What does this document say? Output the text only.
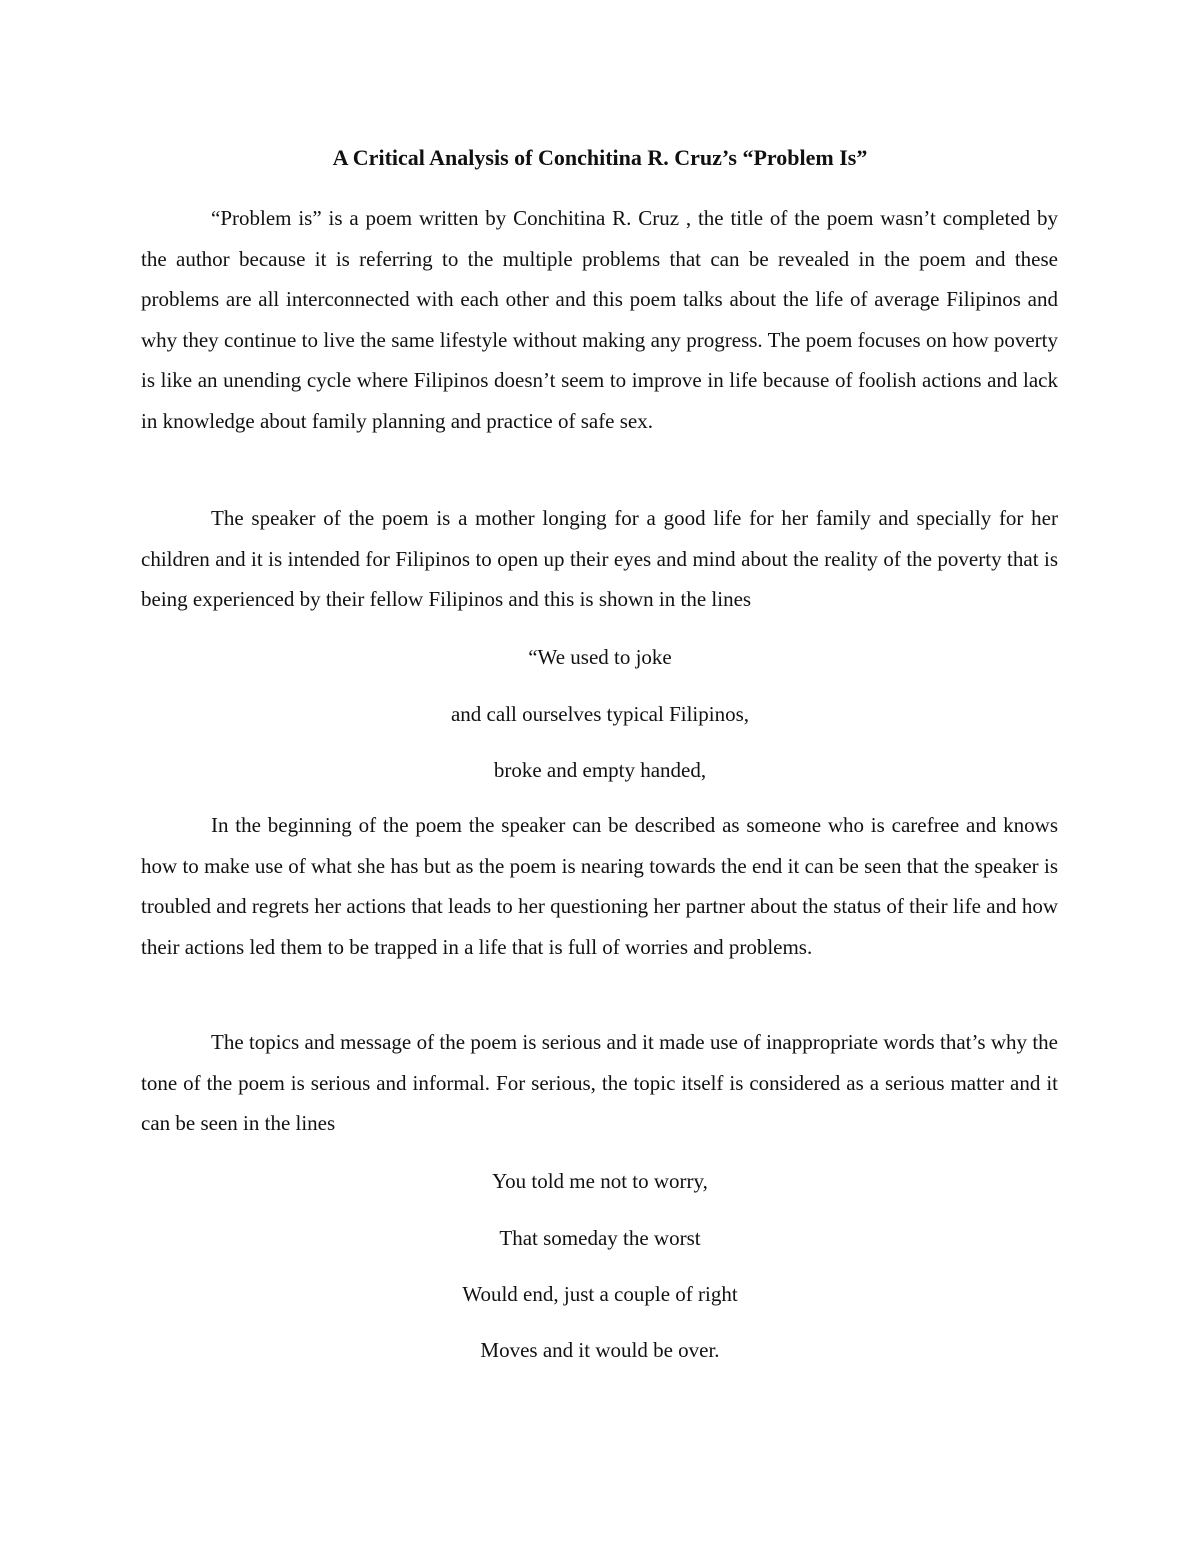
A Critical Analysis of Conchitina R. Cruz’s “Problem Is”

“Problem is” is a poem written by Conchitina R. Cruz , the title of the poem wasn’t completed by the author because it is referring to the multiple problems that can be revealed in the poem and these problems are all interconnected with each other and this poem talks about the life of average Filipinos and why they continue to live the same lifestyle without making any progress. The poem focuses on how poverty is like an unending cycle where Filipinos doesn’t seem to improve in life because of foolish actions and lack in knowledge about family planning and practice of safe sex.

The speaker of the poem is a mother longing for a good life for her family and specially for her children and it is intended for Filipinos to open up their eyes and mind about the reality of the poverty that is being experienced by their fellow Filipinos and this is shown in the lines

“We used to joke
and call ourselves typical Filipinos,
broke and empty handed,

In the beginning of the poem the speaker can be described as someone who is carefree and knows how to make use of what she has but as the poem is nearing towards the end it can be seen that the speaker is troubled and regrets her actions that leads to her questioning her partner about the status of their life and how their actions led them to be trapped in a life that is full of worries and problems.

The topics and message of the poem is serious and it made use of inappropriate words that’s why the tone of the poem is serious and informal. For serious, the topic itself is considered as a serious matter and it can be seen in the lines

You told me not to worry,
That someday the worst
Would end, just a couple of right
Moves and it would be over.
